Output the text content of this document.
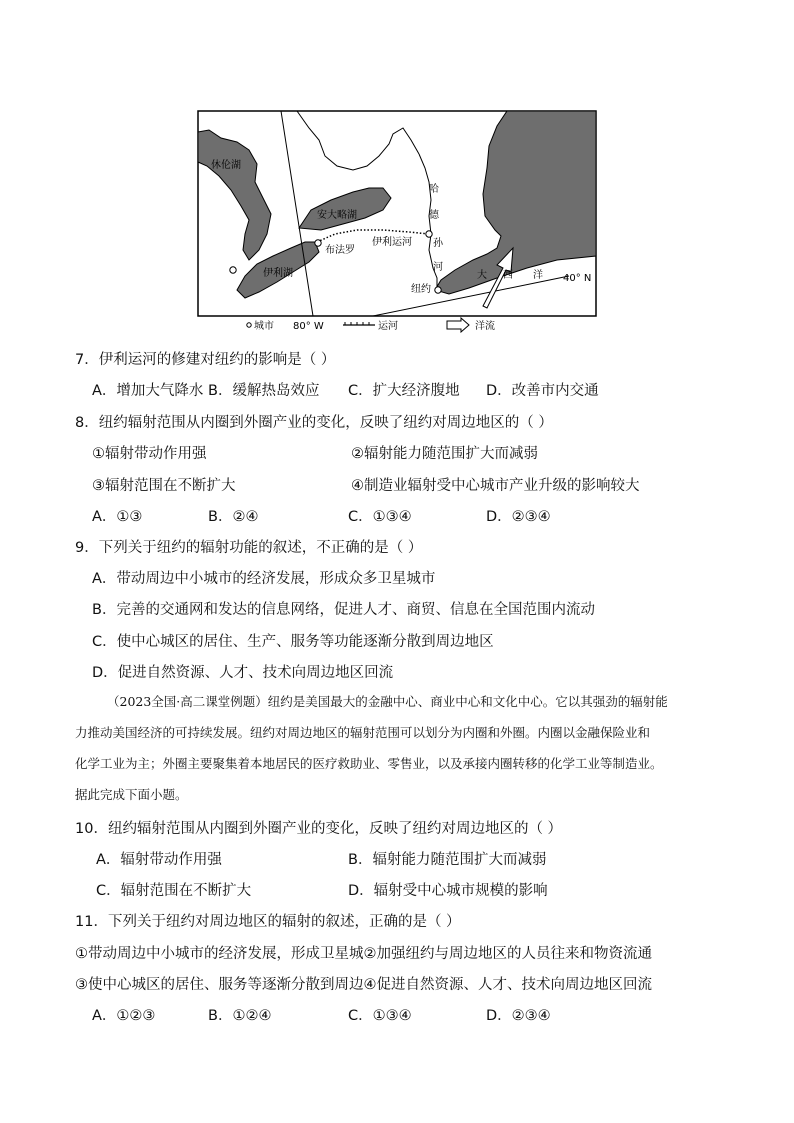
休伦湖
安大略湖
伊利湖
伊利运河
布法罗
纽约
哈
德
孙
河
大 西 洋 40° N
80° W
城市	运河	洋流
7．伊利运河的修建对纽约的影响是（ ）
A．增加大气降水 B．缓解热岛效应 C．扩大经济腹地 D．改善市内交通
8．纽约辐射范围从内圈到外圈产业的变化，反映了纽约对周边地区的（ ）
①辐射带动作用强	②辐射能力随范围扩大而减弱
③辐射范围在不断扩大	④制造业辐射受中心城市产业升级的影响较大
A．①③	B．②④	C．①③④	D．②③④
9．下列关于纽约的辐射功能的叙述，不正确的是（ ）
A．带动周边中小城市的经济发展，形成众多卫星城市
B．完善的交通网和发达的信息网络，促进人才、商贸、信息在全国范围内流动
C．使中心城区的居住、生产、服务等功能逐渐分散到周边地区
D．促进自然资源、人才、技术向周边地区回流

（2023全国·高二课堂例题）纽约是美国最大的金融中心、商业中心和文化中心。它以其强劲的辐射能

力推动美国经济的可持续发展。纽约对周边地区的辐射范围可以划分为内圈和外圈。内圈以金融保险业和

化学工业为主；外圈主要聚集着本地居民的医疗救助业、零售业，以及承接内圈转移的化学工业等制造业。

据此完成下面小题。

10．纽约辐射范围从内圈到外圈产业的变化，反映了纽约对周边地区的（ ）
A．辐射带动作用强	B．辐射能力随范围扩大而减弱
C．辐射范围在不断扩大	D．辐射受中心城市规模的影响
11．下列关于纽约对周边地区的辐射的叙述，正确的是（ ）
①带动周边中小城市的经济发展，形成卫星城②加强纽约与周边地区的人员往来和物资流通
③使中心城区的居住、服务等逐渐分散到周边④促进自然资源、人才、技术向周边地区回流
A．①②③	B．①②④	C．①③④	D．②③④
